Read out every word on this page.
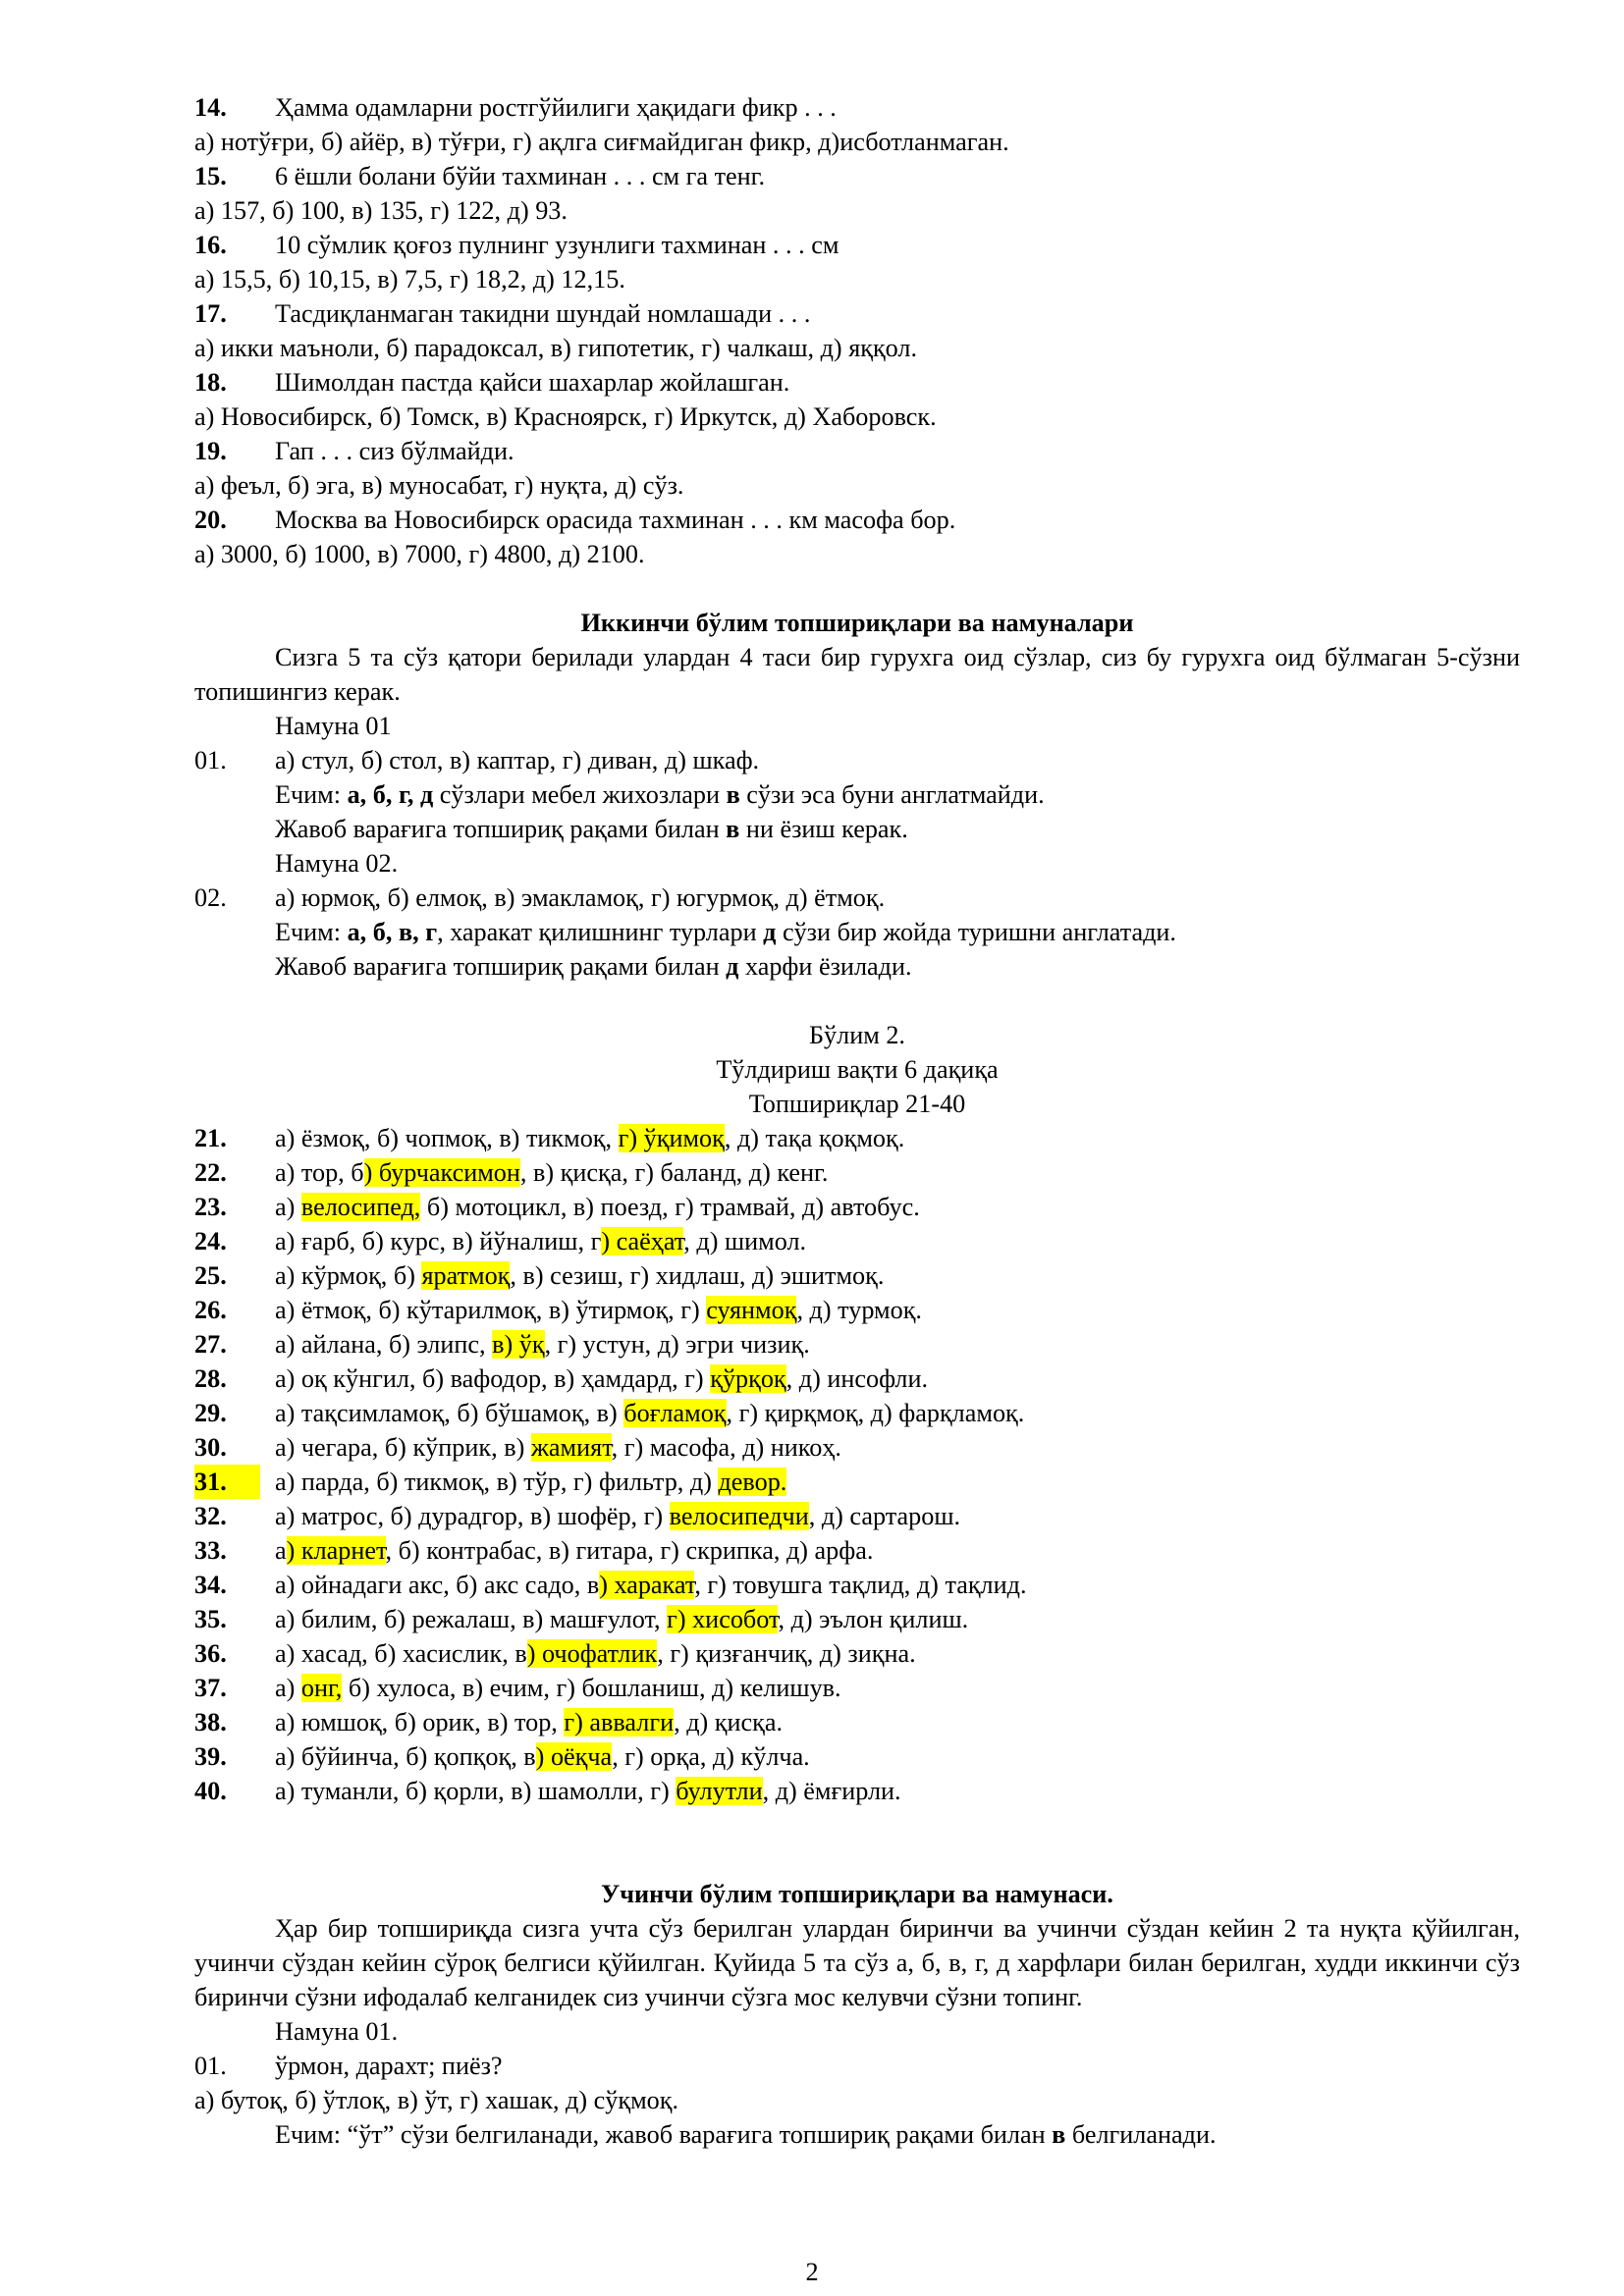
14. Ҳамма одамларни ростгўйилиги ҳақидаги фикр . . .
а) нотўғри, б) айёр, в) тўғри, г) ақлга сиғмайдиган фикр, д)исботланмаган.
15. 6 ёшли болани бўйи тахминан . . . см га тенг.
а) 157, б) 100, в) 135, г) 122, д) 93.
16. 10 сўмлик қоғоз пулнинг узунлиги тахминан . . . см
а) 15,5, б) 10,15, в) 7,5, г) 18,2, д) 12,15.
17. Тасдиқланмаган такидни шундай номлашади . . .
а) икки маъноли, б) парадоксал, в) гипотетик, г) чалкаш, д) яққол.
18. Шимолдан пастда қайси шахарлар жойлашган.
а) Новосибирск, б) Томск, в) Красноярск, г) Иркутск, д) Хаборовск.
19. Гап . . . сиз бўлмайди.
а) феъл, б) эга, в) муносабат, г) нуқта, д) сўз.
20. Москва ва Новосибирск орасида тахминан . . . км масофа бор.
а) 3000, б) 1000, в) 7000, г) 4800, д) 2100.
Иккинчи бўлим топшириқлари ва намуналари
Сизга 5 та сўз қатори берилади улардан 4 таси бир гурухга оид сўзлар, сиз бу гурухга оид бўлмаган 5-сўзни топишингиз керак.
Намуна 01
01. а) стул, б) стол, в) каптар, г) диван, д) шкаф.
Ечим: а, б, г, д сўзлари мебел жихозлари в сўзи эса буни англатмайди.
Жавоб варағига топшириқ рақами билан в ни ёзиш керак.
Намуна 02.
02. а) юрмоқ, б) елмоқ, в) эмакламоқ, г) югурмоқ, д) ётмоқ.
Ечим: а, б, в, г, харакат қилишнинг турлари д сўзи бир жойда туришни англатади.
Жавоб варағига топшириқ рақами билан д харфи ёзилади.
Бўлим 2.
Тўлдириш вақти 6 дақиқа
Топшириқлар 21-40
21. а) ёзмоқ, б) чопмоқ, в) тикмоқ, г) ўқимоқ, д) тақа қоқмоқ.
22. а) тор, б) бурчаксимон, в) қисқа, г) баланд, д) кенг.
23. а) велосипед, б) мотоцикл, в) поезд, г) трамвай, д) автобус.
24. а) ғарб, б) курс, в) йўналиш, г) саёҳат, д) шимол.
25. а) кўрмоқ, б) яратмоқ, в) сезиш, г) хидлаш, д) эшитмоқ.
26. а) ётмоқ, б) кўтарилмоқ, в) ўтирмоқ, г) суянмоқ, д) турмоқ.
27. а) айлана, б) элипс, в) ўқ, г) устун, д) эгри чизиқ.
28. а) оқ кўнгил, б) вафодор, в) ҳамдард, г) қўрқоқ, д) инсофли.
29. а) тақсимламоқ, б) бўшамоқ, в) боғламоқ, г) қирқмоқ, д) фарқламоқ.
30. а) чегара, б) кўприк, в) жамият, г) масофа, д) никоҳ.
31. а) парда, б) тикмоқ, в) тўр, г) фильтр, д) девор.
32. а) матрос, б) дурадгор, в) шофёр, г) велосипедчи, д) сартарош.
33. а) кларнет, б) контрабас, в) гитара, г) скрипка, д) арфа.
34. а) ойнадаги акс, б) акс садо, в) харакат, г) товушга тақлид, д) тақлид.
35. а) билим, б) режалаш, в) машғулот, г) хисобот, д) эълон қилиш.
36. а) хасад, б) хасислик, в) очофатлик, г) қизғанчиқ, д) зиқна.
37. а) онг, б) хулоса, в) ечим, г) бошланиш, д) келишув.
38. а) юмшоқ, б) орик, в) тор, г) аввалги, д) қисқа.
39. а) бўйинча, б) қопқоқ, в) оёқча, г) орқа, д) кўлча.
40. а) туманли, б) қорли, в) шамолли, г) булутли, д) ёмғирли.
Учинчи бўлим топшириқлари ва намунаси.
Ҳар бир топшириқда сизга учта сўз берилган улардан биринчи ва учинчи сўздан кейин 2 та нуқта қўйилган, учинчи сўздан кейин сўроқ белгиси қўйилган. Қуйида 5 та сўз а, б, в, г, д харфлари билан берилган, худди иккинчи сўз биринчи сўзни ифодалаб келганидек сиз учинчи сўзга мос келувчи сўзни топинг.
Намуна 01.
01. ўрмон, дарахт; пиёз?
а) бутоқ, б) ўтлоқ, в) ўт, г) хашак, д) сўқмоқ.
Ечим: “ўт” сўзи белгиланади, жавоб варағига топшириқ рақами билан в белгиланади.
2
